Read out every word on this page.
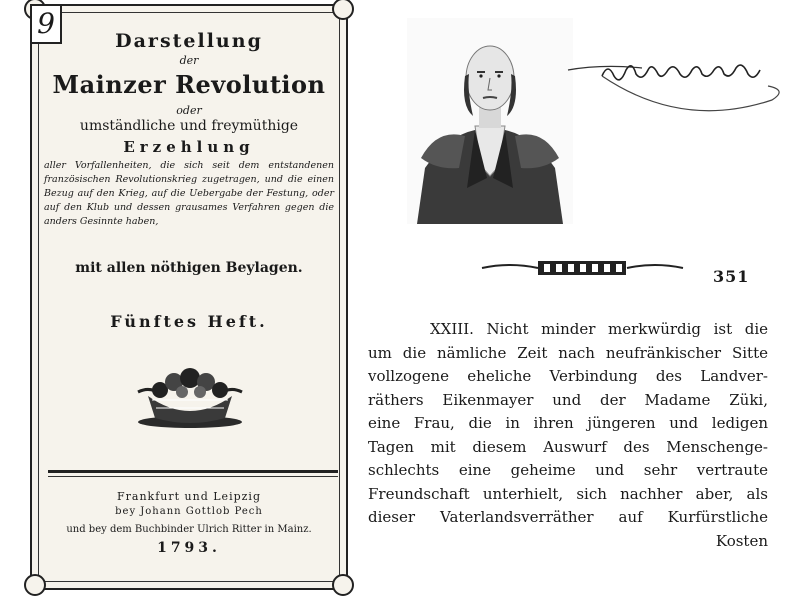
9
Darstellung
der
Mainzer Revolution
oder
umständliche und freymüthige
Erzehlung
aller Vorfallenheiten, die sich seit dem entstandenen französischen Revolutionskrieg zugetragen, und die einen Bezug auf den Krieg, auf die Uebergabe der Festung, oder auf den Klub und dessen grausames Verfahren gegen die anders Gesinnte haben,
mit allen nöthigen Beylagen.
Fünftes Heft.
Frankfurt und Leipzig
bey Johann Gottlob Pech
und bey dem Buchbinder Ulrich Ritter in Mainz.
1793.
351
XXIII. Nicht minder merkwürdig ist die
um die nämliche Zeit nach neufränkischer Sitte
vollzogene eheliche Verbindung des Landver-
räthers Eikenmayer und der Madame Züki,
eine Frau, die in ihren jüngeren und ledigen
Tagen mit diesem Auswurf des Menschenge-
schlechts eine geheime und sehr vertraute
Freundschaft unterhielt, sich nachher aber, als
dieser Vaterlandsverräther auf Kurfürstliche
Kosten
